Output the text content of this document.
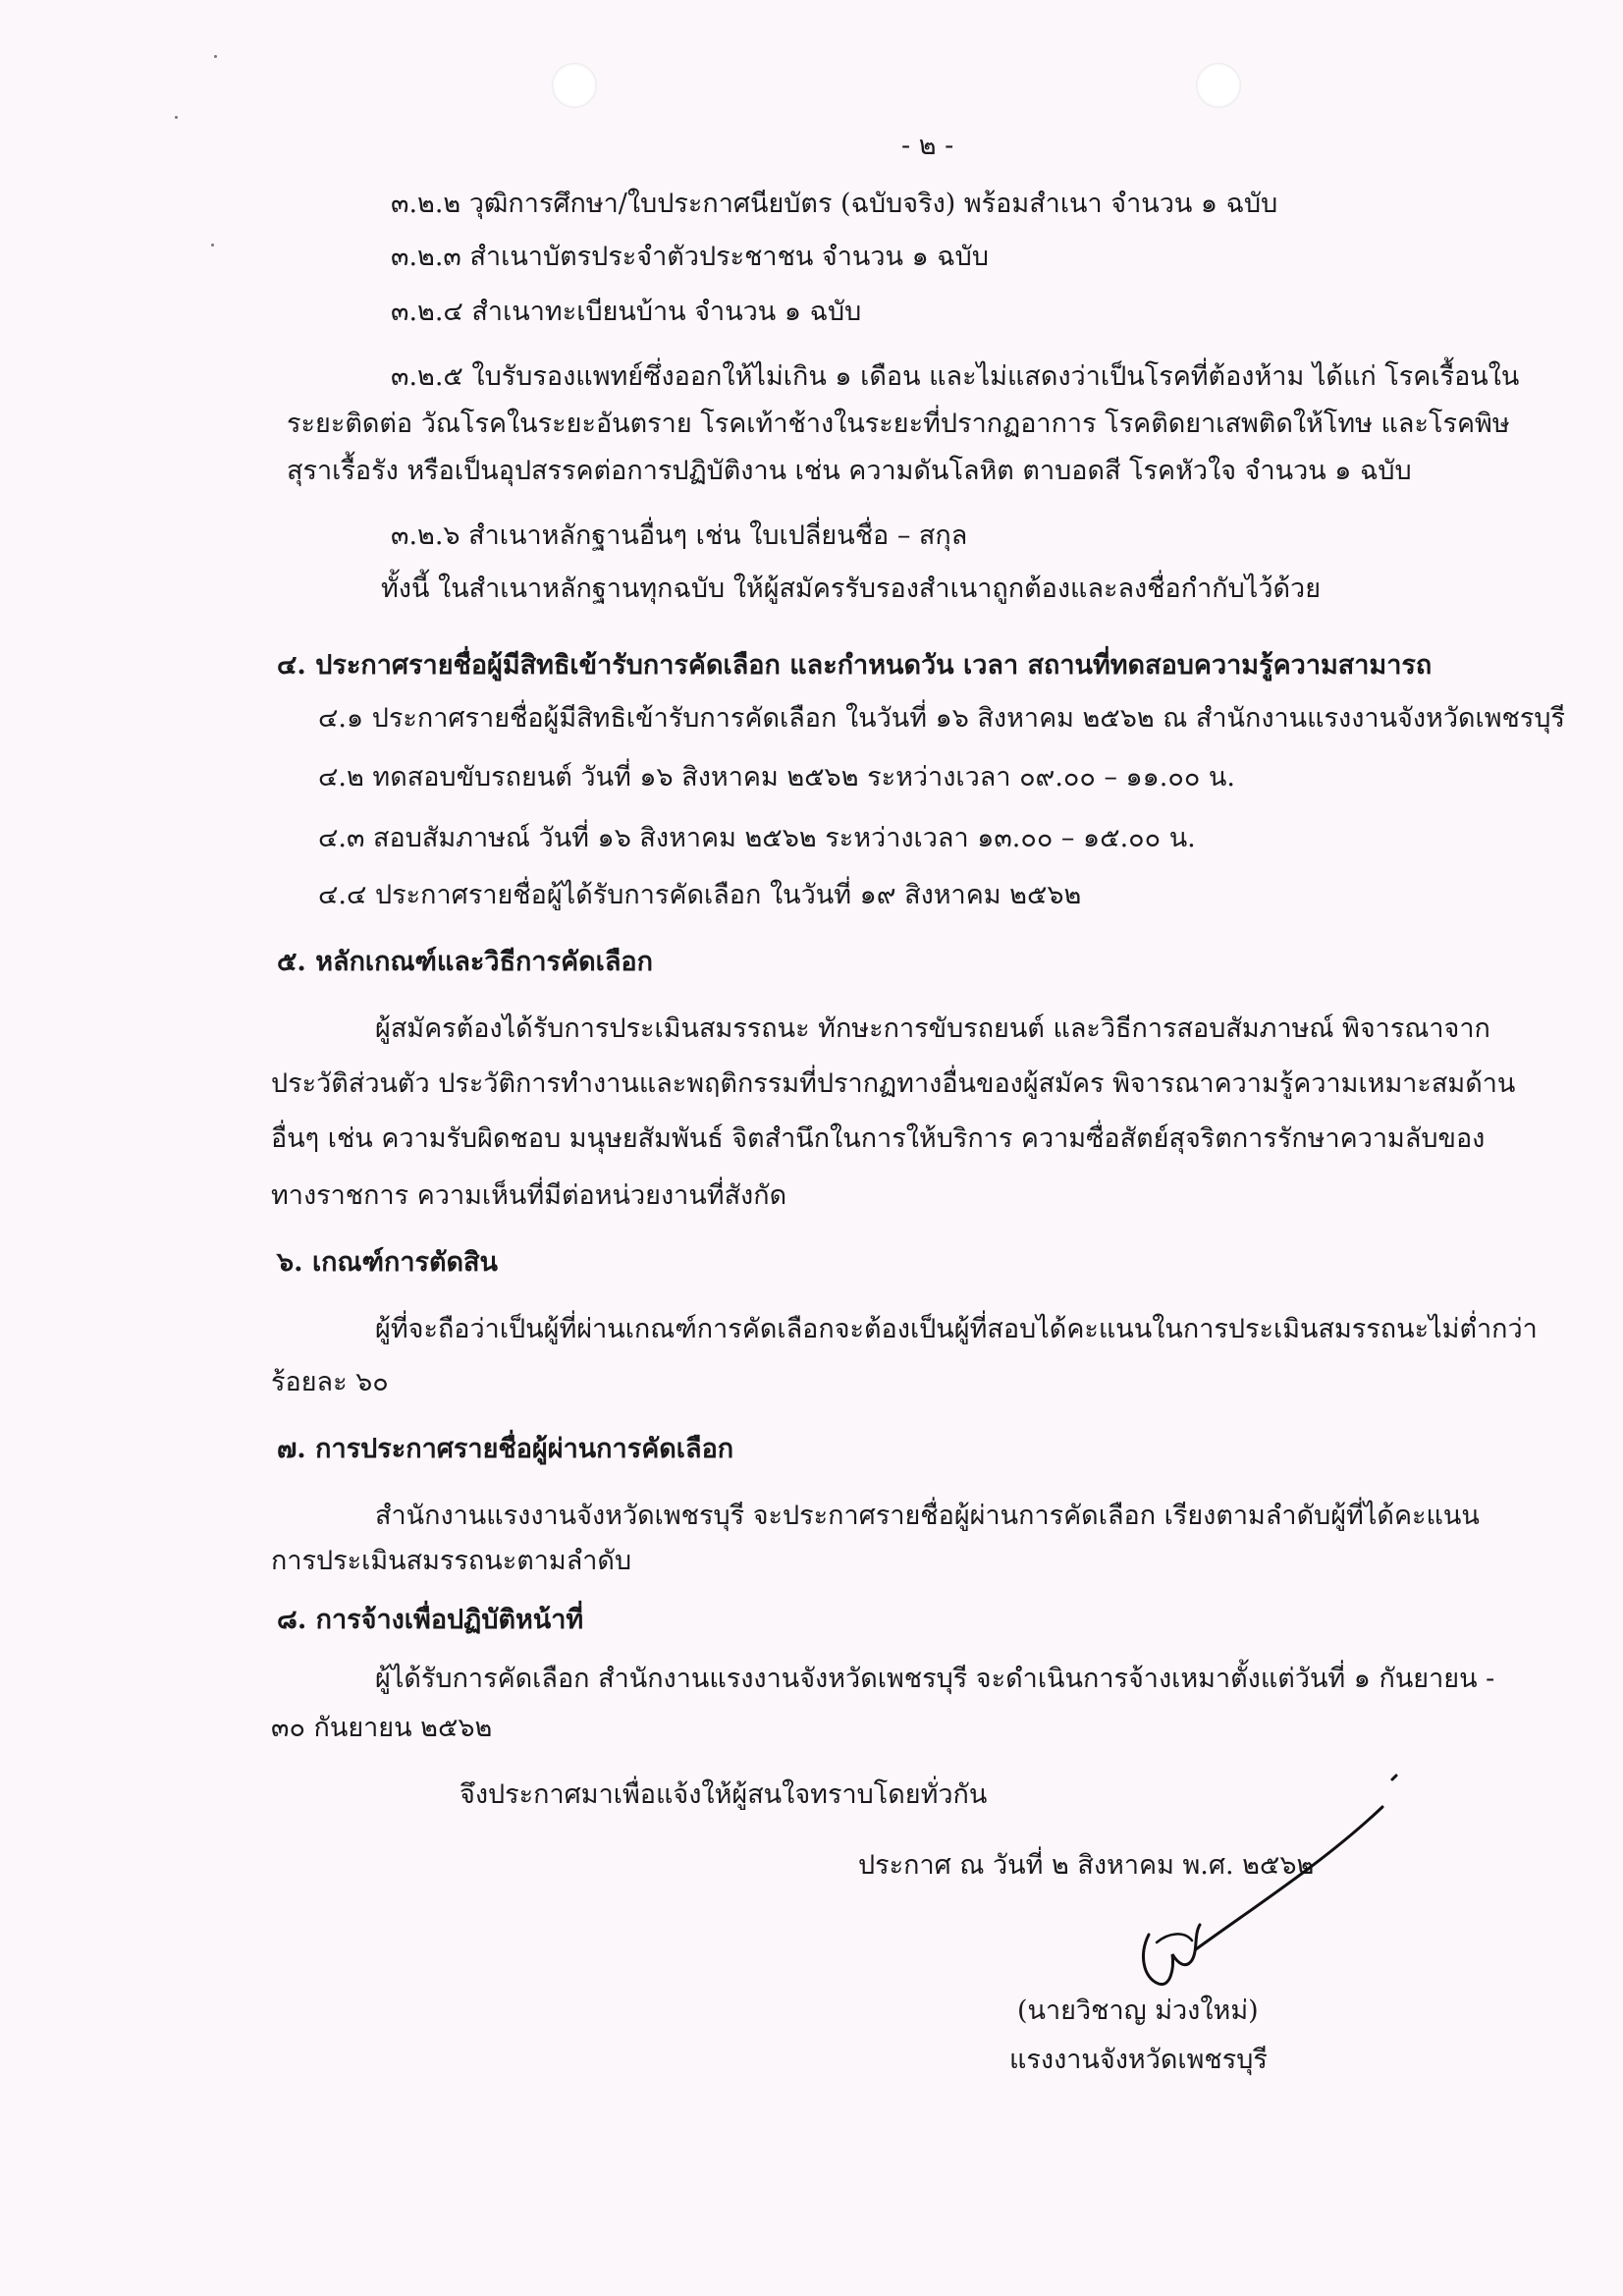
- ๒ -
๓.๒.๒ วุฒิการศึกษา/ใบประกาศนียบัตร (ฉบับจริง) พร้อมสำเนา จำนวน ๑ ฉบับ
๓.๒.๓ สำเนาบัตรประจำตัวประชาชน จำนวน ๑ ฉบับ
๓.๒.๔ สำเนาทะเบียนบ้าน จำนวน ๑ ฉบับ
๓.๒.๕ ใบรับรองแพทย์ซึ่งออกให้ไม่เกิน ๑ เดือน และไม่แสดงว่าเป็นโรคที่ต้องห้าม ได้แก่ โรคเรื้อนใน
ระยะติดต่อ วัณโรคในระยะอันตราย โรคเท้าช้างในระยะที่ปรากฏอาการ โรคติดยาเสพติดให้โทษ และโรคพิษ
สุราเรื้อรัง หรือเป็นอุปสรรคต่อการปฏิบัติงาน เช่น ความดันโลหิต ตาบอดสี โรคหัวใจ จำนวน ๑ ฉบับ
๓.๒.๖ สำเนาหลักฐานอื่นๆ เช่น ใบเปลี่ยนชื่อ – สกุล
ทั้งนี้ ในสำเนาหลักฐานทุกฉบับ ให้ผู้สมัครรับรองสำเนาถูกต้องและลงชื่อกำกับไว้ด้วย
๔. ประกาศรายชื่อผู้มีสิทธิเข้ารับการคัดเลือก และกำหนดวัน เวลา สถานที่ทดสอบความรู้ความสามารถ
๔.๑ ประกาศรายชื่อผู้มีสิทธิเข้ารับการคัดเลือก ในวันที่ ๑๖ สิงหาคม ๒๕๖๒ ณ สำนักงานแรงงานจังหวัดเพชรบุรี
๔.๒ ทดสอบขับรถยนต์ วันที่ ๑๖ สิงหาคม ๒๕๖๒ ระหว่างเวลา ๐๙.๐๐ – ๑๑.๐๐ น.
๔.๓ สอบสัมภาษณ์ วันที่ ๑๖ สิงหาคม ๒๕๖๒ ระหว่างเวลา ๑๓.๐๐ – ๑๕.๐๐ น.
๔.๔ ประกาศรายชื่อผู้ได้รับการคัดเลือก ในวันที่ ๑๙ สิงหาคม ๒๕๖๒
๕. หลักเกณฑ์และวิธีการคัดเลือก
ผู้สมัครต้องได้รับการประเมินสมรรถนะ ทักษะการขับรถยนต์ และวิธีการสอบสัมภาษณ์ พิจารณาจาก
ประวัติส่วนตัว ประวัติการทำงานและพฤติกรรมที่ปรากฏทางอื่นของผู้สมัคร พิจารณาความรู้ความเหมาะสมด้าน
อื่นๆ เช่น ความรับผิดชอบ มนุษยสัมพันธ์ จิตสำนึกในการให้บริการ ความซื่อสัตย์สุจริตการรักษาความลับของ
ทางราชการ ความเห็นที่มีต่อหน่วยงานที่สังกัด
๖. เกณฑ์การตัดสิน
ผู้ที่จะถือว่าเป็นผู้ที่ผ่านเกณฑ์การคัดเลือกจะต้องเป็นผู้ที่สอบได้คะแนนในการประเมินสมรรถนะไม่ต่ำกว่า
ร้อยละ ๖๐
๗. การประกาศรายชื่อผู้ผ่านการคัดเลือก
สำนักงานแรงงานจังหวัดเพชรบุรี จะประกาศรายชื่อผู้ผ่านการคัดเลือก เรียงตามลำดับผู้ที่ได้คะแนน
การประเมินสมรรถนะตามลำดับ
๘. การจ้างเพื่อปฏิบัติหน้าที่
ผู้ได้รับการคัดเลือก สำนักงานแรงงานจังหวัดเพชรบุรี จะดำเนินการจ้างเหมาตั้งแต่วันที่ ๑ กันยายน -
๓๐ กันยายน ๒๕๖๒
จึงประกาศมาเพื่อแจ้งให้ผู้สนใจทราบโดยทั่วกัน
ประกาศ ณ วันที่ ๒ สิงหาคม พ.ศ. ๒๕๖๒
(นายวิชาญ ม่วงใหม่)
แรงงานจังหวัดเพชรบุรี
